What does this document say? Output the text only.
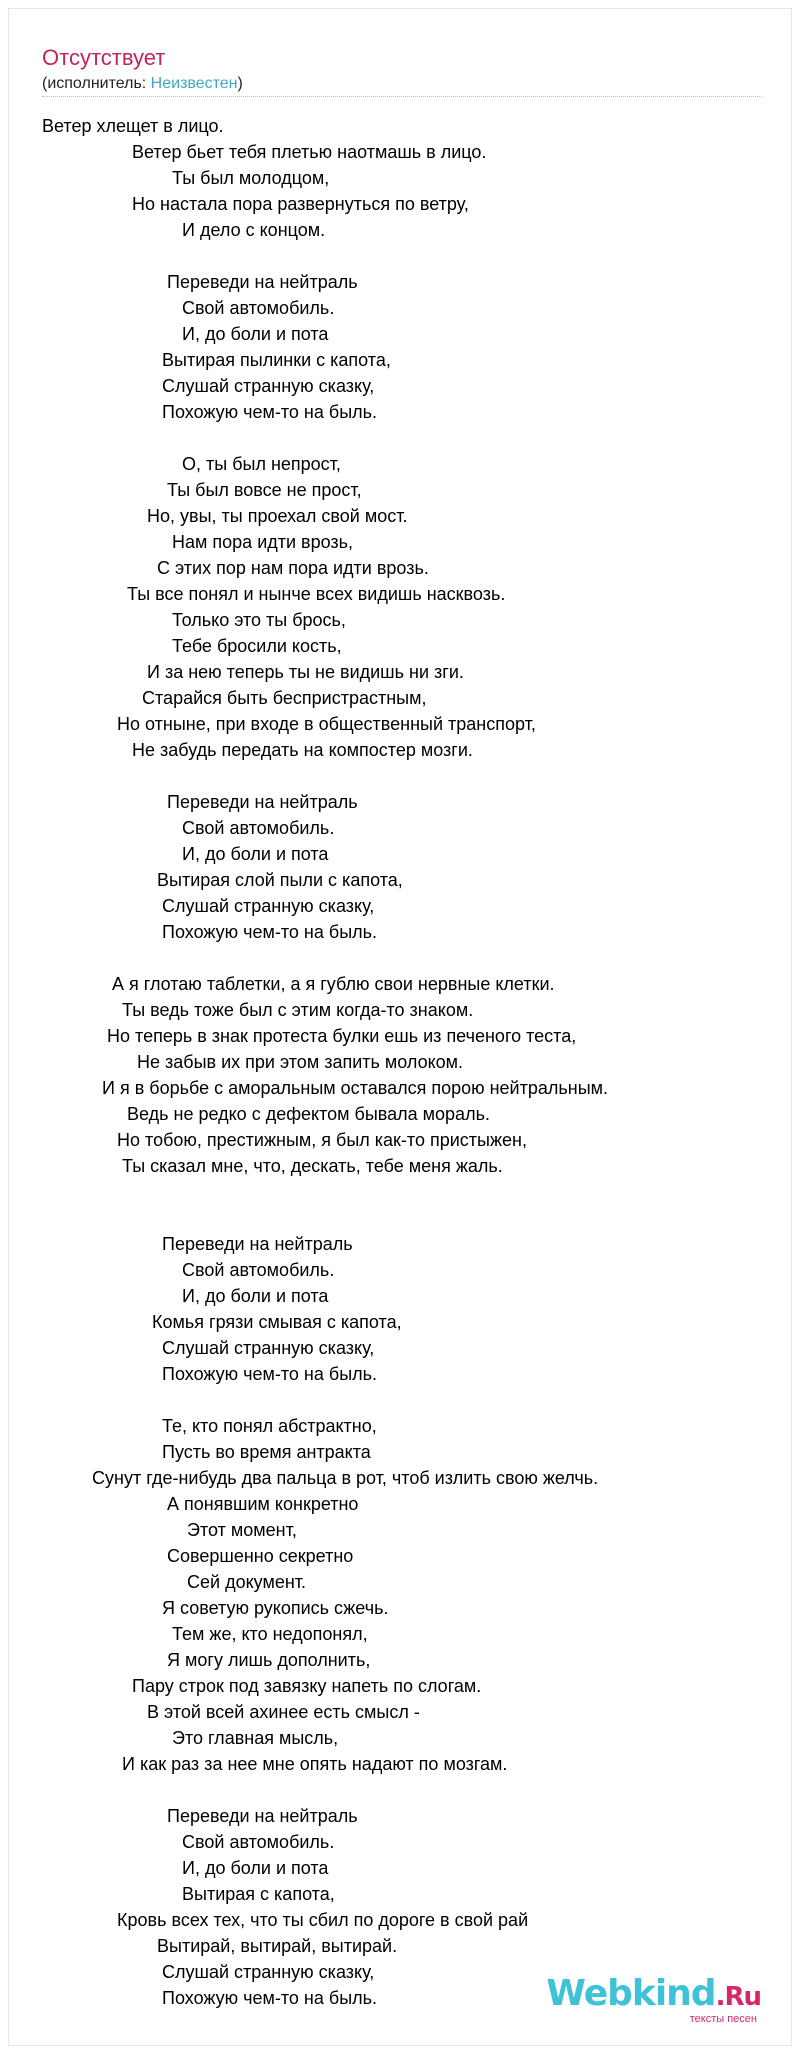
Отсутствует
(исполнитель: Неизвестен)
Ветер хлещет в лицо.
Ветер бьет тебя плетью наотмашь в лицо.
Ты был молодцом,
Но настала пора развернуться по ветру,
И дело с концом.

Переведи на нейтраль
Свой автомобиль.
И, до боли и пота
Вытирая пылинки с капота,
Слушай странную сказку,
Похожую чем-то на быль.

О, ты был непрост,
Ты был вовсе не прост,
Но, увы, ты проехал свой мост.
Нам пора идти врозь,
С этих пор нам пора идти врозь.
Ты все понял и нынче всех видишь насквозь.
Только это ты брось,
Тебе бросили кость,
И за нею теперь ты не видишь ни зги.
Старайся быть беспристрастным,
Но отныне, при входе в общественный транспорт,
Не забудь передать на компостер мозги.

Переведи на нейтраль
Свой автомобиль.
И, до боли и пота
Вытирая слой пыли с капота,
Слушай странную сказку,
Похожую чем-то на быль.

А я глотаю таблетки, а я гублю свои нервные клетки.
Ты ведь тоже был с этим когда-то знаком.
Но теперь в знак протеста булки ешь из печеного теста,
Не забыв их при этом запить молоком.
И я в борьбе с аморальным оставался порою нейтральным.
Ведь не редко с дефектом бывала мораль.
Но тобою, престижным, я был как-то пристыжен,
Ты сказал мне, что, дескать, тебе меня жаль.

Переведи на нейтраль
Свой автомобиль.
И, до боли и пота
Комья грязи смывая с капота,
Слушай странную сказку,
Похожую чем-то на быль.

Те, кто понял абстрактно,
Пусть во время антракта
Сунут где-нибудь два пальца в рот, чтоб излить свою желчь.
А понявшим конкретно
Этот момент,
Совершенно секретно
Сей документ.
Я советую рукопись сжечь.
Тем же, кто недопонял,
Я могу лишь дополнить,
Пару строк под завязку напеть по слогам.
В этой всей ахинее есть смысл -
Это главная мысль,
И как раз за нее мне опять надают по мозгам.

Переведи на нейтраль
Свой автомобиль.
И, до боли и пота
Вытирая с капота,
Кровь всех тех, что ты сбил по дороге в свой рай
Вытирай, вытирай, вытирай.
Слушай странную сказку,
Похожую чем-то на быль.	Webkind.Ru
тексты песен
